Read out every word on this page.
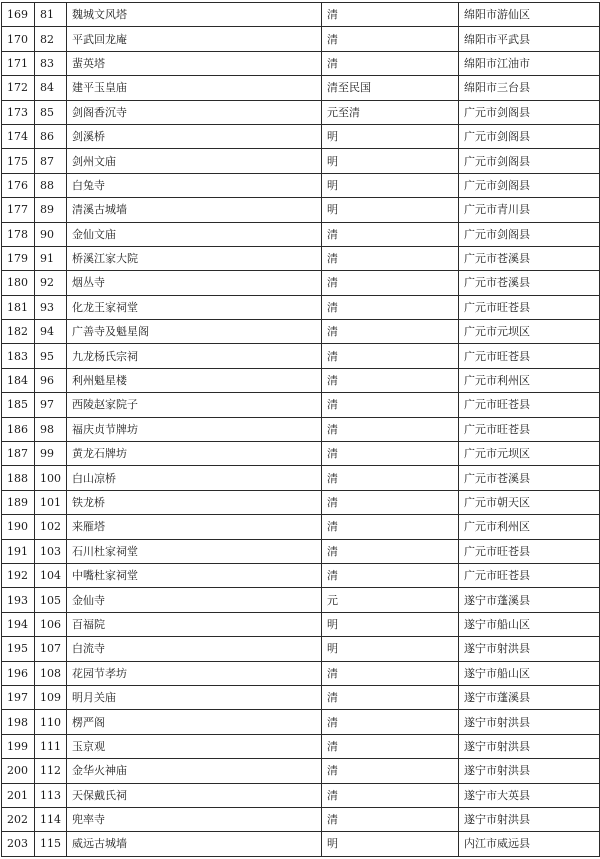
169	81	魏城文风塔	清	绵阳市游仙区
170	82	平武回龙庵	清	绵阳市平武县
171	83	蜚英塔	清	绵阳市江油市
172	84	建平玉皇庙	清至民国	绵阳市三台县
173	85	剑阁香沉寺	元至清	广元市剑阁县
174	86	剑溪桥	明	广元市剑阁县
175	87	剑州文庙	明	广元市剑阁县
176	88	白兔寺	明	广元市剑阁县
177	89	清溪古城墙	明	广元市青川县
178	90	金仙文庙	清	广元市剑阁县
179	91	桥溪江家大院	清	广元市苍溪县
180	92	烟丛寺	清	广元市苍溪县
181	93	化龙王家祠堂	清	广元市旺苍县
182	94	广善寺及魁星阁	清	广元市元坝区
183	95	九龙杨氏宗祠	清	广元市旺苍县
184	96	利州魁星楼	清	广元市利州区
185	97	西陵赵家院子	清	广元市旺苍县
186	98	福庆贞节牌坊	清	广元市旺苍县
187	99	黄龙石牌坊	清	广元市元坝区
188	100	白山凉桥	清	广元市苍溪县
189	101	铁龙桥	清	广元市朝天区
190	102	来雁塔	清	广元市利州区
191	103	石川杜家祠堂	清	广元市旺苍县
192	104	中嘴杜家祠堂	清	广元市旺苍县
193	105	金仙寺	元	遂宁市蓬溪县
194	106	百福院	明	遂宁市船山区
195	107	白流寺	明	遂宁市射洪县
196	108	花园节孝坊	清	遂宁市船山区
197	109	明月关庙	清	遂宁市蓬溪县
198	110	楞严阁	清	遂宁市射洪县
199	111	玉京观	清	遂宁市射洪县
200	112	金华火神庙	清	遂宁市射洪县
201	113	天保戴氏祠	清	遂宁市大英县
202	114	兜率寺	清	遂宁市射洪县
203	115	威远古城墙	明	内江市威远县
